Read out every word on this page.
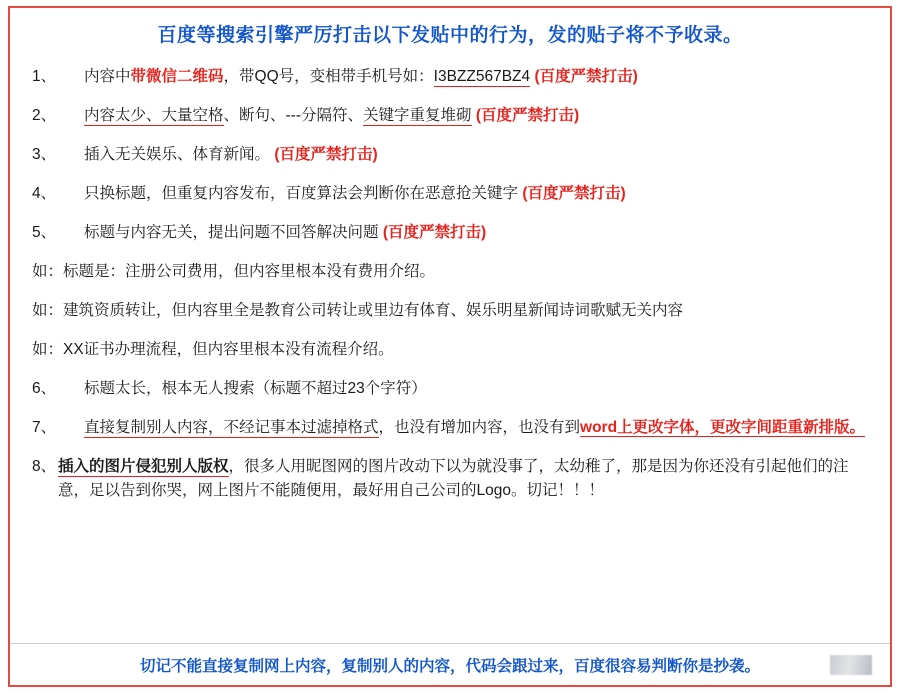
百度等搜索引擎严厉打击以下发贴中的行为，发的贴子将不予收录。
1、	内容中带微信二维码，带QQ号，变相带手机号如：I3BZZ567BZ4 (百度严禁打击)
2、	内容太少、大量空格、断句、---分隔符、关键字重复堆砌 (百度严禁打击)
3、	插入无关娱乐、体育新闻。 (百度严禁打击)
4、	只换标题，但重复内容发布，百度算法会判断你在恶意抢关键字 (百度严禁打击)
5、	标题与内容无关，提出问题不回答解决问题 (百度严禁打击)
如：标题是：注册公司费用，但内容里根本没有费用介绍。
如：建筑资质转让，但内容里全是教育公司转让或里边有体育、娱乐明星新闻诗词歌赋无关内容
如：XX证书办理流程，但内容里根本没有流程介绍。
6、	标题太长，根本无人搜索（标题不超过23个字符）
7、	直接复制别人内容，不经记事本过滤掉格式，也没有增加内容，也没有到word上更改字体，更改字间距重新排版。
8、 插入的图片侵犯别人版权，很多人用昵图网的图片改动下以为就没事了，太幼稚了，那是因为你还没有引起他们的注意，足以告到你哭，网上图片不能随便用，最好用自己公司的Logo。切记！！！
切记不能直接复制网上内容，复制别人的内容，代码会跟过来，百度很容易判断你是抄袭。
